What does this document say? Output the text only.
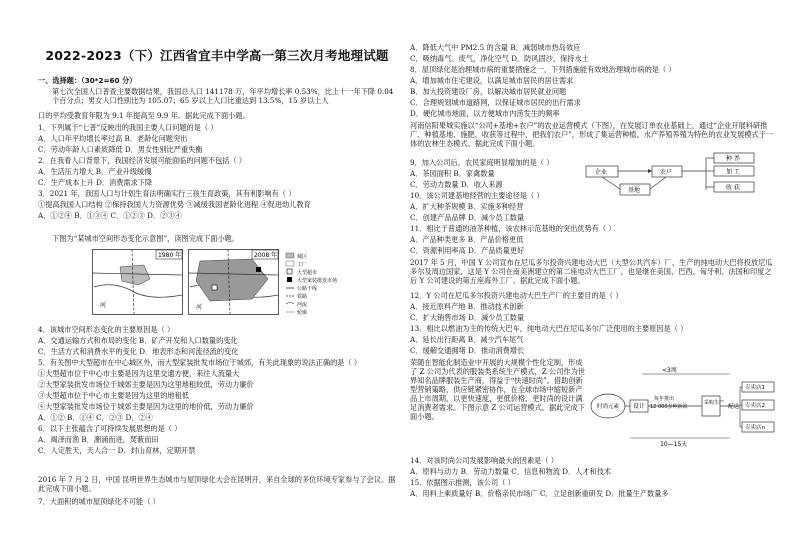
2022-2023（下）江西省宜丰中学高一第三次月考地理试题
一、选择题：（30*2=60 分）
第七次全国人口普查主要数据结果，我国总人口 141178 万，年平均增长率 0.53%，比上十一年下降 0.04 个百分点；男女人口性别比为 105.07；65 岁以上人口比重达到 13.5%，15 岁以上人
口的平均受教育年限为 9.1 年提高至 9.9 年。据此完成下面小题。
1．下列属于“七普”反映出的我国主要人口问题的是（ ）
A．人口年平均增长率过高 B．老龄化问题突出
C．劳动年龄人口素质降低 D．男女性别比严重失衡
2．在我看人口背景下，我国经济发展可能面临的问题不包括（ ）
A．生活压力增大 B．产业升级缓慢
C．生产成本上升 D．消费需求下降
3．2021 年，我国人口与计划生育法明确实行三孩生育政策，其有利影响有（ ）
①提高我国人口结构 ②保持我国人力资源优势 ③减缓我国老龄化进程 ④促进幼儿教育
A．①②④ B．①③④ C．①②③ D．②③④
下图为“某城市空间形态变化示意图”，读图完成下面小题。
1980 年	2008 年
河	河
城区
工厂
大型超市
大型家装批发市场
公路干线
铁路
河流
轮廓
4．该城市空间形态变化的主要原因是（ ）
A．交通运输方式和布局的变化 B．矿产开发和人口数量的变化
C．生活方式和消费水平的变化 D．地表形态和河流径流的变化
5．有关图中大型超市在中心城区外，而大型家装批发市场位于城郊，有关此现象的说法正确的是（ ）
①大型超市位于中心市主要是因为这里交通方便，来往人流量大
②大型家装批发市场位于城郊主要是因为这里地租较低，劳动力廉价
③大型超市位于中心市主要是因为这里的地租低
④大型家装批发市场位于城郊主要是因为这里的地价低，劳动力廉价
A．①② B．①④ C．②③ D．②④
6．以下主张蕴含了可持续发展思想的是（ ）
A．竭泽而渔 B．潮涌而进，焚薮而田
C．人定胜天，天人合一 D．封山育林，定期开禁
2016 年 7 月 2 日，中国 昆明世界生态城市与屋顶绿化大会在昆明开，来自全球的多位环境专家参与了会议。据此完成下面小题。
7．大面积的城市屋顶绿化不可能（ ）
A．降低大气中 PM2.5 的含量 B．减弱城市热岛效应
C．吸纳毒气、废气，净化空气 D．防风固沙，保持水土
8．屋顶绿化是治理城市病的重要措施之一，下列措施能有效地治理城市病的是（ ）
A．增加城市住宅建设，以满足城市居民的居住需求
B．加大投资建设厂房，以解决城市居民就业问题
C．合理规划城市道路网，以保证城市居民的出行需求
D．硬化城市地面，以方便城市内涝发生的频率
河南信阳果城实施以“公司+基地+农户”的农业运营模式（下图），在发展订单农业基础上，通过“企业开展科研推广、种植基地、施肥、收获等过程中，把我们农户”，形成了集运营种植、水产养殖养殖为特色的农业发展模式于一体的农林生态模式。据此完成下面小题。
9．加入公司后，农民家庭明显增加的是（ ）
A．茶园面积 B．家禽数量
C．劳动力数量 D．收入来源
企业	农户
基地
种 养
加 工
收 获
10．该公司建基地经营的主要途径是（ ）
A．扩大种茶规模 B．实施多种经营
C．创建产品品牌 D．减少员工数量
11．相比于普通的油茶种植，该农林示范基地的突出优势有（ ）
A．产品种类更多 B．产品价格更低
C．资源利用率高 D．产品质量更好
2017 年 5 月，中国 Y 公司宣布在尼瓜多尔投资兴建电动大巴（大型公共汽车）厂，生产的纯电动大巴将投放尼瓜多尔及周边国家，这是 Y 公司在南美洲建立的第二座电动大巴工厂，也是继在美国、巴西、匈牙利、法国和印度之后 Y 公司建设的第五座海外工厂。据此完成下面小题。
12．Y 公司在尼瓜多尔投资兴建电动大巴生产厂的主要目的是（ ）
A．接近原料产地 B．推动技术创新
C．扩大销售市场 D．减少员工数量
13．相比以燃油为主的传统大巴车，纯电动大巴在尼瓜多尔广泛使用的主要原因是（ ）
A．延长出行距离 B．减少汽车尾气
C．缓解交通拥堵 D．推动消费增长
荣随在智能化制造业中开展的大规模个性化定制，形成了 Z 公司为代表的服装类系统生产模式，Z 公司作为世界知名品牌服装生产商，得益于“快速时尚”。借助创新型营销策略，供应链紧密协作，在全球市场中缩短新产品上市周期，以更快速度、更低价格、更时尚的设计满足消费者需求。下图示意 Z 公司运营模式。据此完成下面小题。
<3周
时尚元素 设计
每年推出
12 000多种新款
采购生产
配送
专卖店1
专卖店2
专卖店n
10—15天
14．对该时尚公司发展影响最大的因素是（ ）
A．原料与动力 B．劳动力数量 C．信息和物流 D．人才和技术
15．依据图示推测，该公司（ ）
A．用料上乘质量好 B．价格亲民市场广 C．立足创新重研发 D．批量生产数量多
